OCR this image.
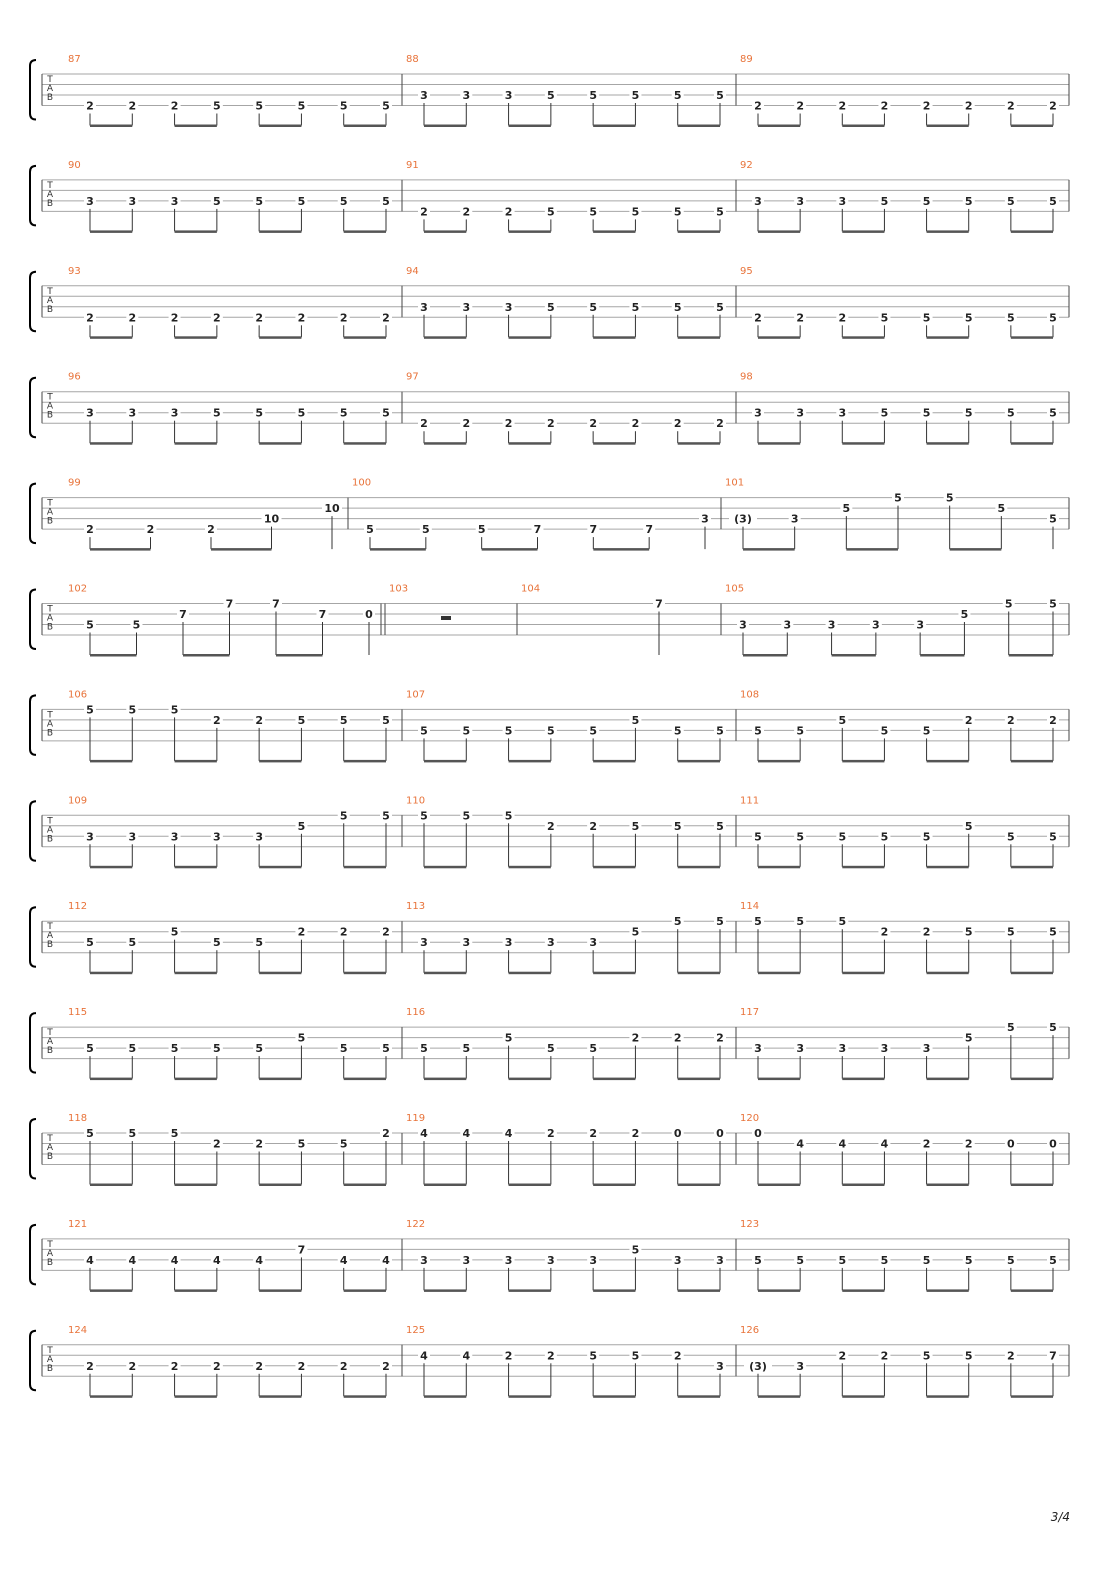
T
A
B
87
2	2	2	5	5	5	5	5
88
3	3	3	5	5	5	5	5
89
2	2	2	2	2	2	2	2
T
A
B
90
3	3	3	5	5	5	5	5
91
2	2	2	5	5	5	5	5
92
3	3	3	5	5	5	5	5
T
A
B
93
2	2	2	2	2	2	2	2
94
3	3	3	5	5	5	5	5
95
2	2	2	5	5	5	5	5
T
A
B
96
3	3	3	5	5	5	5	5
97
2	2	2	2	2	2	2	2
98
3	3	3	5	5	5	5	5
T
A
B
99
2	2	2
10
10
100
5	5	5	7	7	7
3
101
(3)	3
5
5	5
5
5
T
A
B
102
5	5
7
7	7
7	0
103	104
7
105
3	3	3	3	3
5
5	5
T
A
B
106
5	5	5
2	2	5	5	5
107
5	5	5	5	5
5
5	5
108
5	5
5
5	5
2	2	2
T
A
B
109
3	3	3	3	3
5
5	5
110
5	5	5
2	2	5	5	5
111
5	5	5	5	5
5
5	5
T
A
B
112
5	5
5
5	5
2	2	2
113
3	3	3	3	3
5
5	5
114
5	5	5
2	2	5	5	5
T
A
B
115
5	5	5	5	5
5
5	5
116
5	5
5
5	5
2	2	2
117
3	3	3	3	3
5
5	5
T
A
B
118
5	5	5
2	2	5	5
2
119
4	4	4	2	2	2	0	0
120
0
4	4	4	2	2	0	0
T
A
B
121
4	4	4	4	4
7
4	4
122
3	3	3	3	3
5
3	3
123
5	5	5	5	5	5	5	5
T
A
B
124
2	2	2	2	2	2	2	2
125
4	4	2	2	5	5	2
3
126
(3)	3
2	2	5	5	2	7
3/4
